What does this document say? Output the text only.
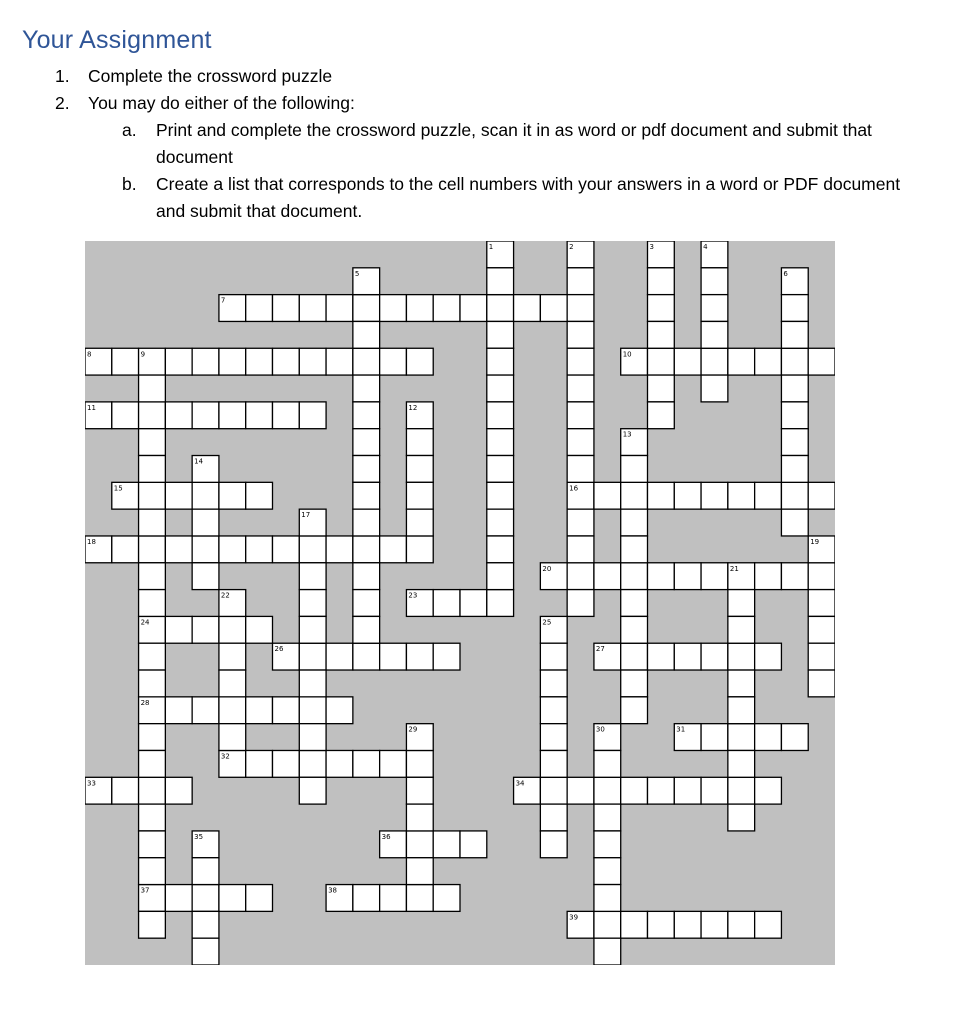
Your Assignment
1. Complete the crossword puzzle
2. You may do either of the following:
a. Print and complete the crossword puzzle, scan it in as word or pdf document and submit that document
b. Create a list that corresponds to the cell numbers with your answers in a word or PDF document and submit that document.
7
8	10
11
15	16
18
20
23
24
26	27
28
31
32
33	34
36
37	38
39
1	2	3	4
5	6
9
12
13
14
17
19
21
22
25
29	30
35
